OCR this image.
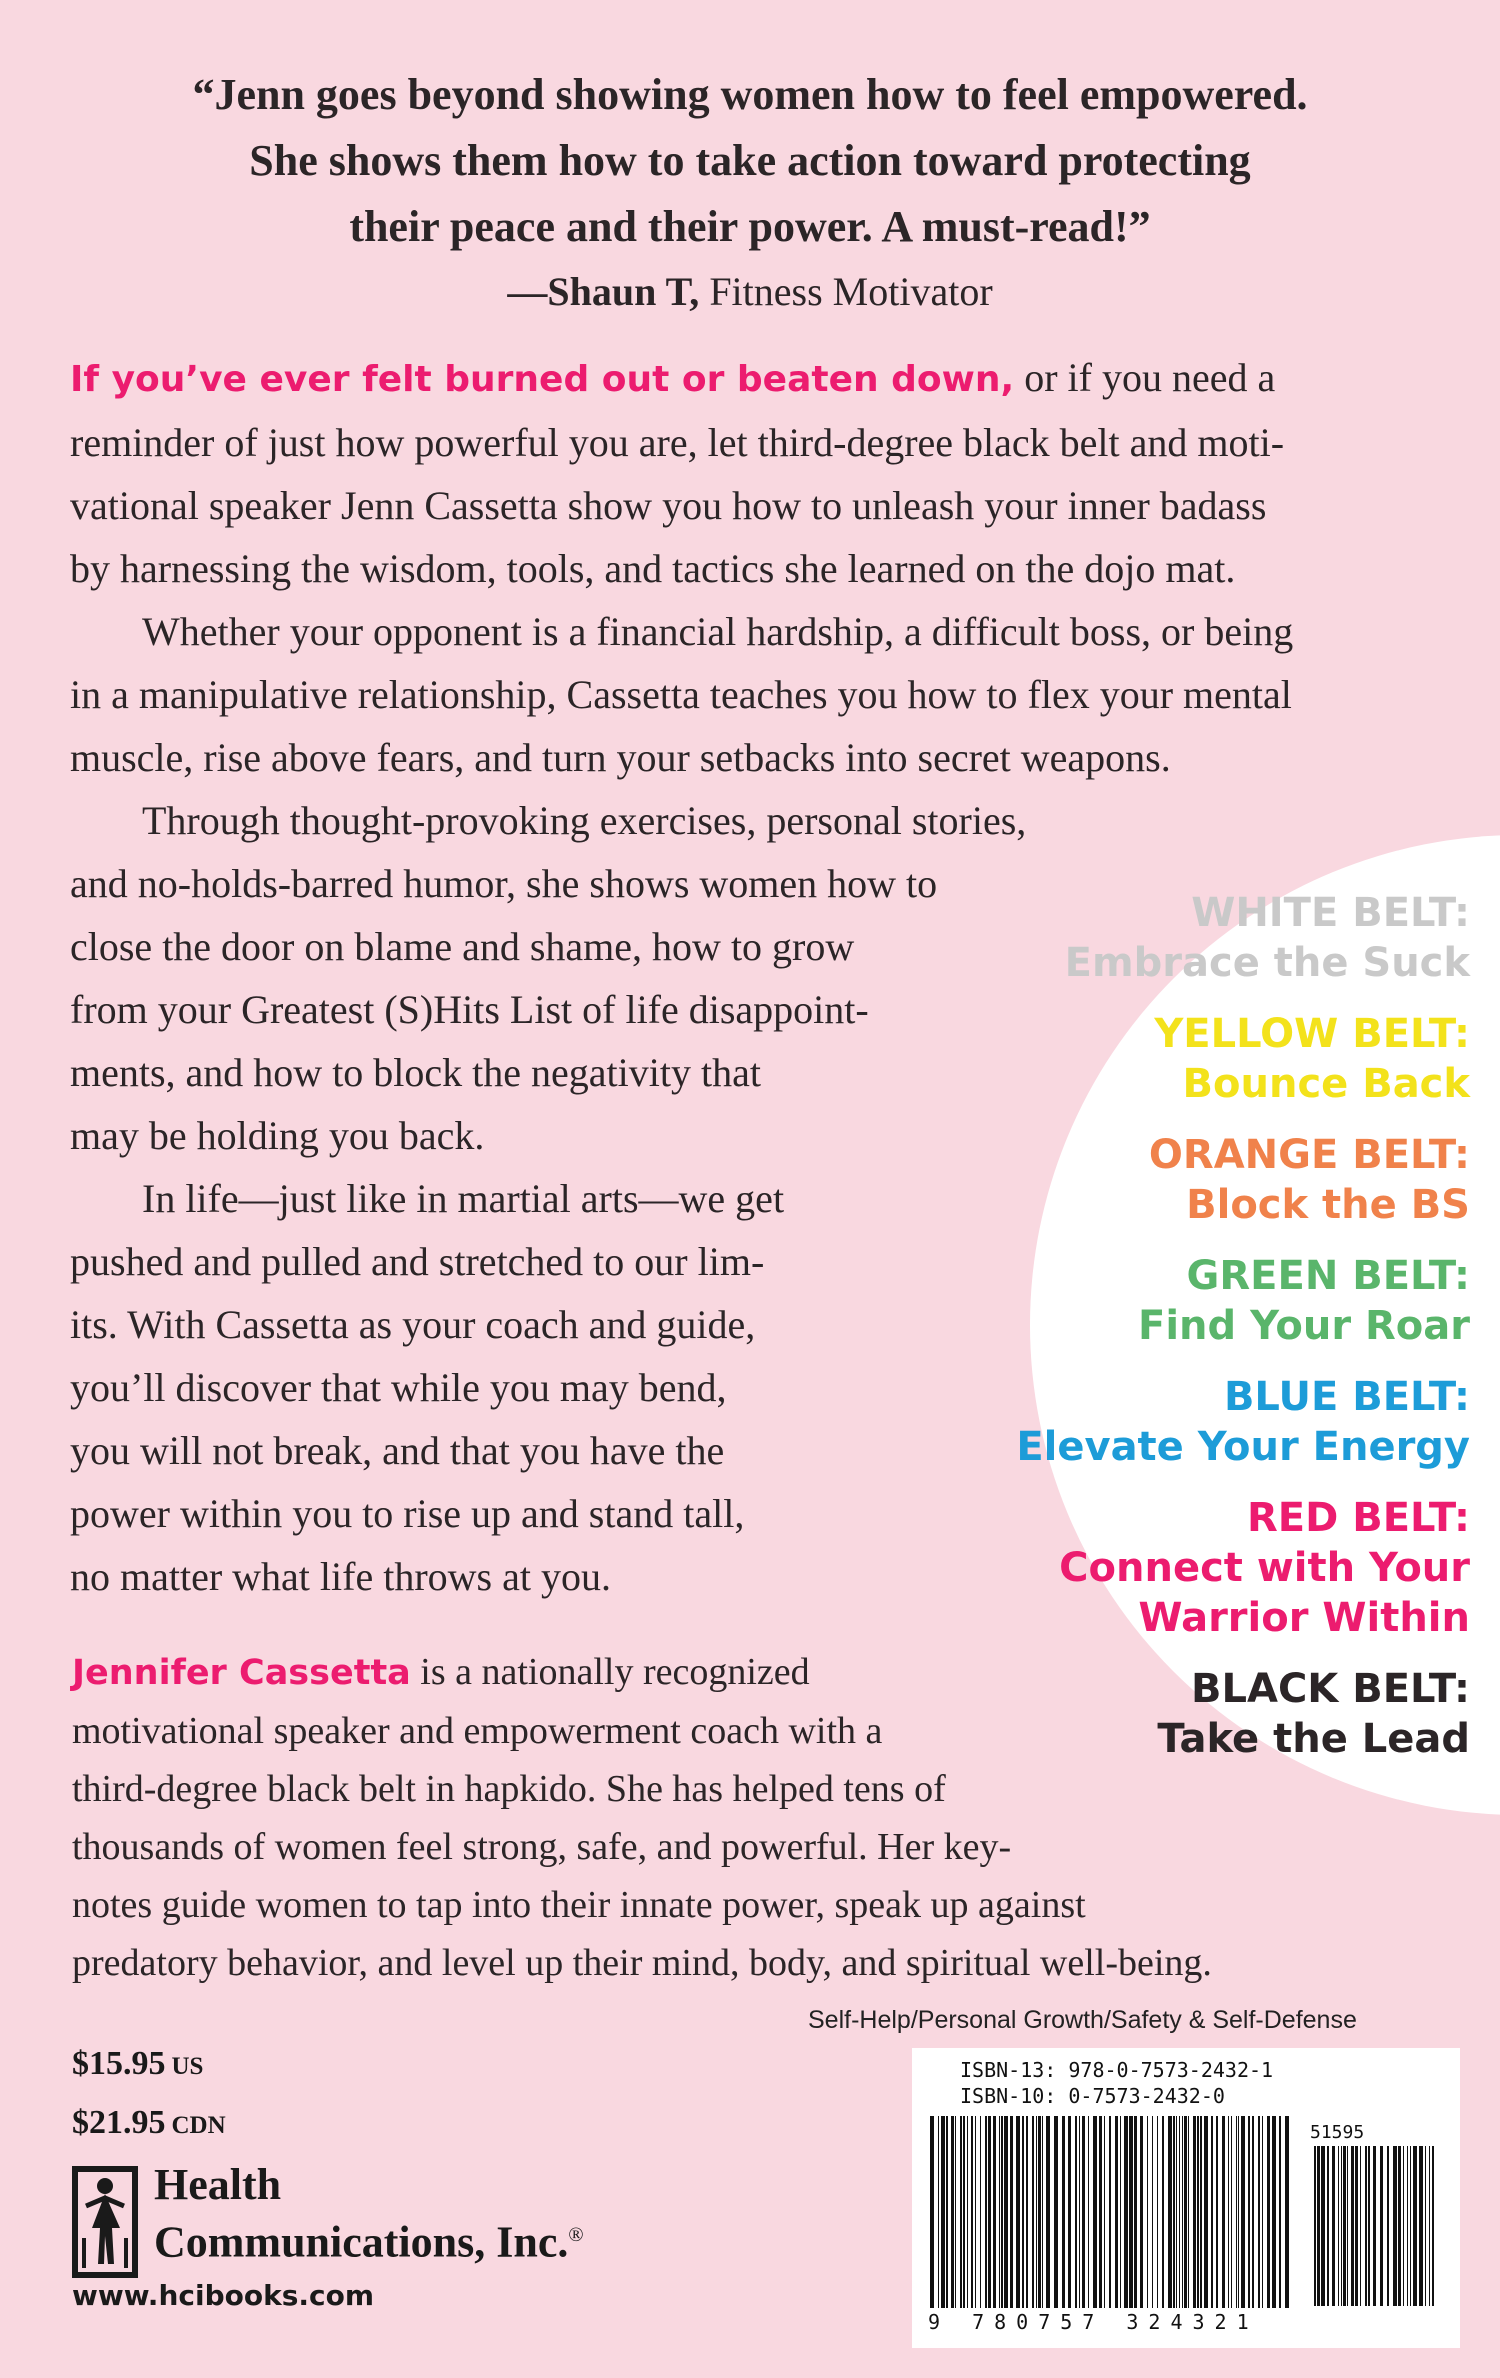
“Jenn goes beyond showing women how to feel empowered.
She shows them how to take action toward protecting
their peace and their power. A must-read!”
—Shaun T, Fitness Motivator
If you’ve ever felt burned out or beaten down, or if you need a
reminder of just how powerful you are, let third-degree black belt and moti-
vational speaker Jenn Cassetta show you how to unleash your inner badass
by harnessing the wisdom, tools, and tactics she learned on the dojo mat.
Whether your opponent is a financial hardship, a difficult boss, or being
in a manipulative relationship, Cassetta teaches you how to flex your mental
muscle, rise above fears, and turn your setbacks into secret weapons.
Through thought-provoking exercises, personal stories,
and no-holds-barred humor, she shows women how to
close the door on blame and shame, how to grow
from your Greatest (S)Hits List of life disappoint-
ments, and how to block the negativity that
may be holding you back.
In life—just like in martial arts—we get
pushed and pulled and stretched to our lim-
its. With Cassetta as your coach and guide,
you’ll discover that while you may bend,
you will not break, and that you have the
power within you to rise up and stand tall,
no matter what life throws at you.
WHITE BELT:
Embrace the Suck
YELLOW BELT:
Bounce Back
ORANGE BELT:
Block the BS
GREEN BELT:
Find Your Roar
BLUE BELT:
Elevate Your Energy
RED BELT:
Connect with Your
Warrior Within
BLACK BELT:
Take the Lead
Jennifer Cassetta is a nationally recognized
motivational speaker and empowerment coach with a
third-degree black belt in hapkido. She has helped tens of
thousands of women feel strong, safe, and powerful. Her key-
notes guide women to tap into their innate power, speak up against
predatory behavior, and level up their mind, body, and spiritual well-being.
Self-Help/Personal Growth/Safety & Self-Defense
$15.95 US
$21.95 CDN
Health
Communications, Inc.®
www.hcibooks.com
ISBN-13: 978-0-7573-2432-1
ISBN-10: 0-7573-2432-0
51595
9 780757 324321
